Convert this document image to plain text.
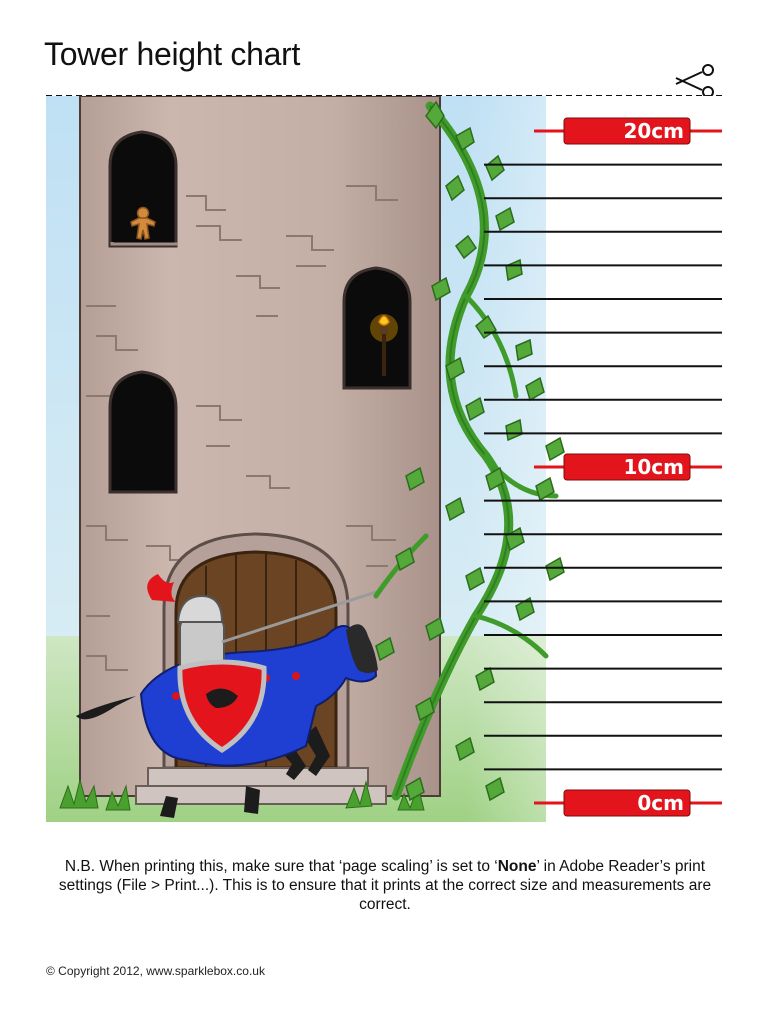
Tower height chart
20cm
10cm
0cm
N.B. When printing this, make sure that ‘page scaling’ is set to ‘None’ in Adobe Reader’s print settings (File > Print...). This is to ensure that it prints at the correct size and measurements are correct.
© Copyright 2012, www.sparklebox.co.uk
